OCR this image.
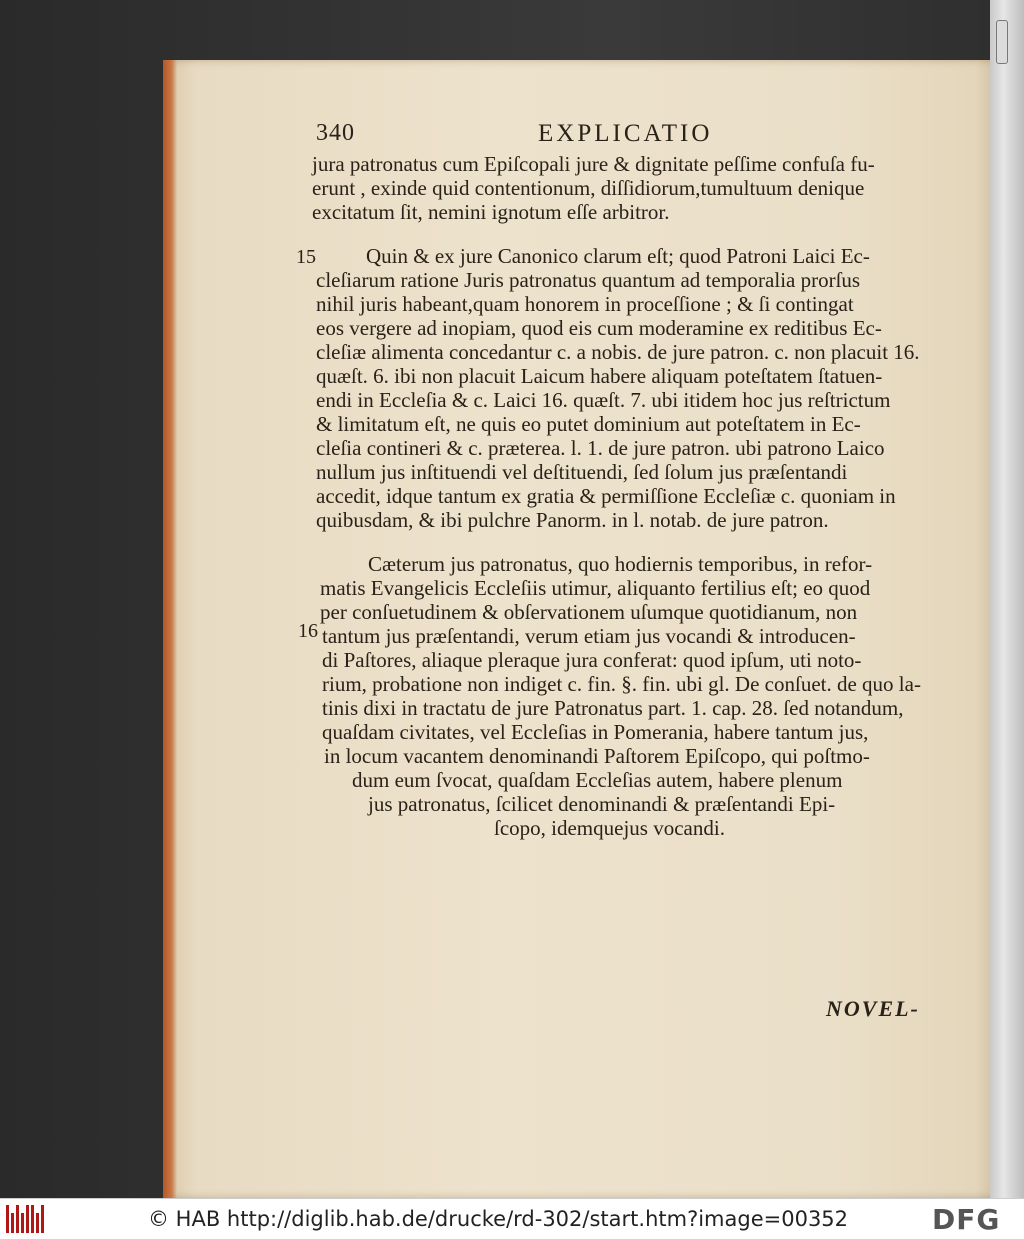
340	EXPLICATIO
jura patronatus cum Epiſcopali jure & dignitate peſſime confuſa fu-
erunt , exinde quid contentionum, diſſidiorum,tumultuum denique
excitatum ſit, nemini ignotum eſſe arbitror.
15 Quin & ex jure Canonico clarum eſt; quod Patroni Laici Ec-
cleſiarum ratione Juris patronatus quantum ad temporalia prorſus
nihil juris habeant,quam honorem in proceſſione ; & ſi contingat
eos vergere ad inopiam, quod eis cum moderamine ex reditibus Ec-
cleſiæ alimenta concedantur c. a nobis. de jure patron. c. non placuit 16.
quæſt. 6. ibi non placuit Laicum habere aliquam poteſtatem ſtatuen-
endi in Eccleſia & c. Laici 16. quæſt. 7. ubi itidem hoc jus reſtrictum
& limitatum eſt, ne quis eo putet dominium aut poteſtatem in Ec-
cleſia contineri & c. præterea. l. 1. de jure patron. ubi patrono Laico
nullum jus inſtituendi vel deſtituendi, ſed ſolum jus præſentandi
accedit, idque tantum ex gratia & permiſſione Eccleſiæ c. quoniam in
quibusdam, & ibi pulchre Panorm. in l. notab. de jure patron.
Cæterum jus patronatus, quo hodiernis temporibus, in refor-
matis Evangelicis Eccleſiis utimur, aliquanto fertilius eſt; eo quod
per conſuetudinem & obſervationem uſumque quotidianum, non
16 tantum jus præſentandi, verum etiam jus vocandi & introducen-
di Paſtores, aliaque pleraque jura conferat: quod ipſum, uti noto-
rium, probatione non indiget c. fin. §. fin. ubi gl. De conſuet. de quo la-
tinis dixi in tractatu de jure Patronatus part. 1. cap. 28. ſed notandum,
quaſdam civitates, vel Eccleſias in Pomerania, habere tantum jus,
in locum vacantem denominandi Paſtorem Epiſcopo, qui poſtmo-
dum eum ſvocat, quaſdam Eccleſias autem, habere plenum
jus patronatus, ſcilicet denominandi & præſentandi Epi-
ſcopo, idemquejus vocandi.
NOVEL-
© HAB http://diglib.hab.de/drucke/rd-302/start.htm?image=00352	DFG
